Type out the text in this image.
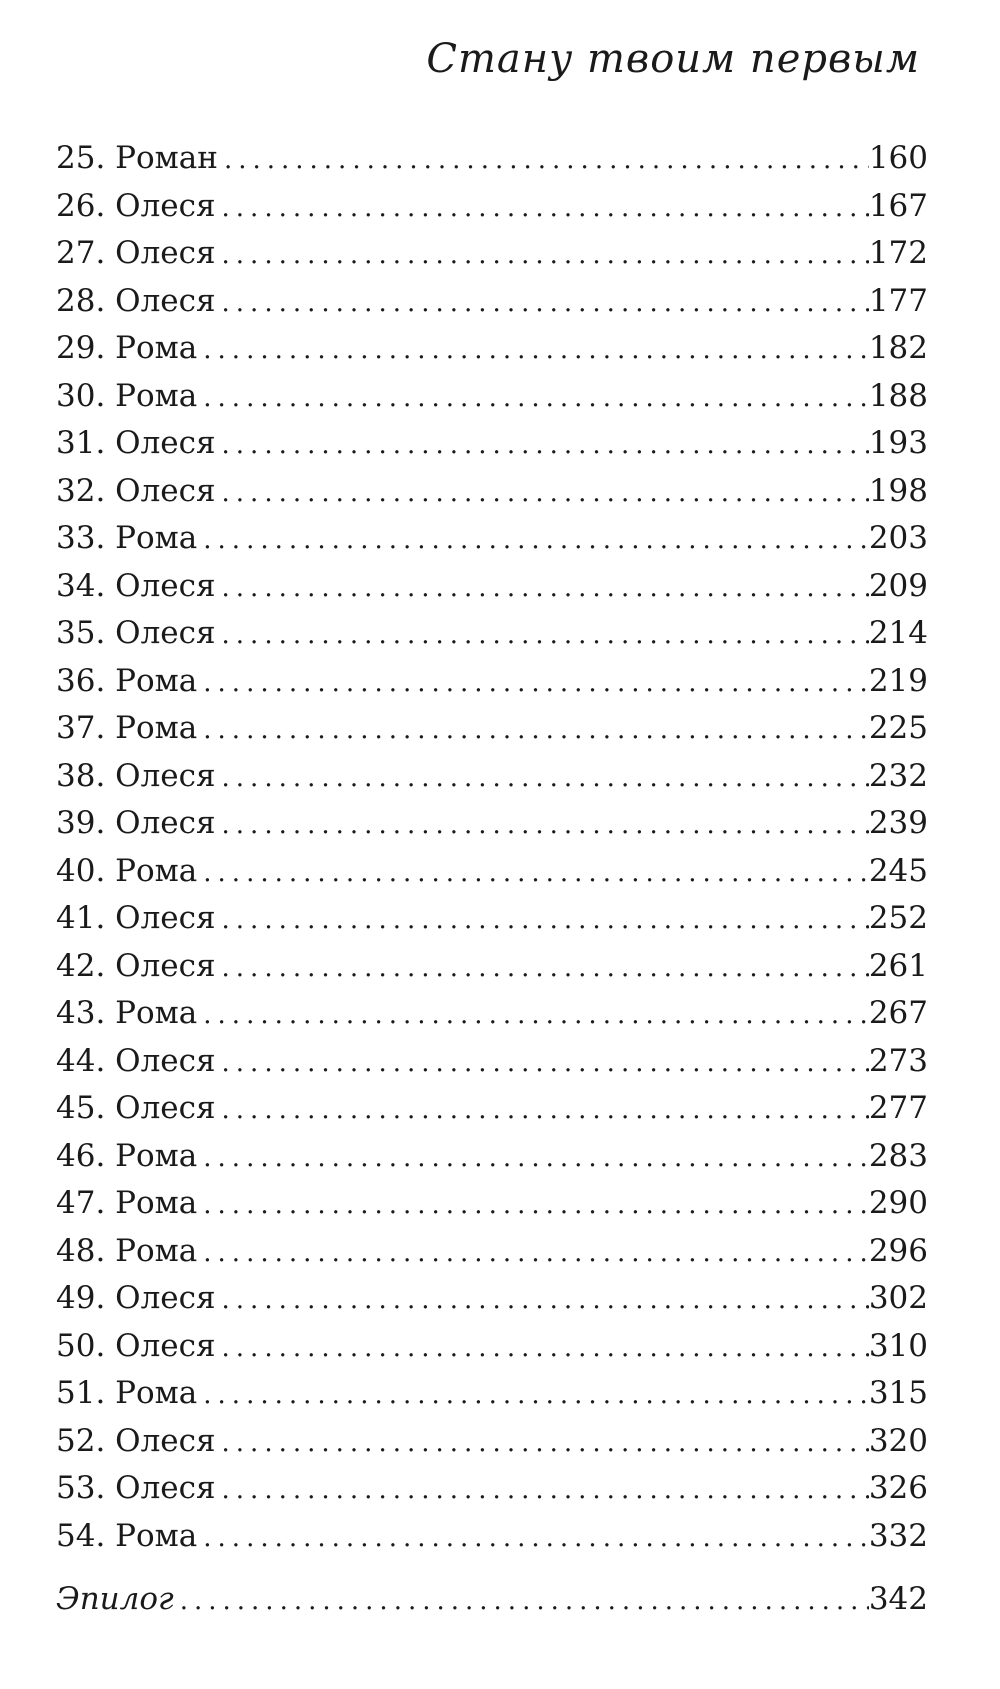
Стану твоим первым
25. Роман .....	160
26. Олеся .....	167
27. Олеся .....	172
28. Олеся .....	177
29. Рома .....	182
30. Рома .....	188
31. Олеся .....	193
32. Олеся .....	198
33. Рома .....	203
34. Олеся .....	209
35. Олеся .....	214
36. Рома .....	219
37. Рома .....	225
38. Олеся .....	232
39. Олеся .....	239
40. Рома .....	245
41. Олеся .....	252
42. Олеся .....	261
43. Рома .....	267
44. Олеся .....	273
45. Олеся .....	277
46. Рома .....	283
47. Рома .....	290
48. Рома .....	296
49. Олеся .....	302
50. Олеся .....	310
51. Рома .....	315
52. Олеся .....	320
53. Олеся .....	326
54. Рома .....	332
Эпилог .....	342
